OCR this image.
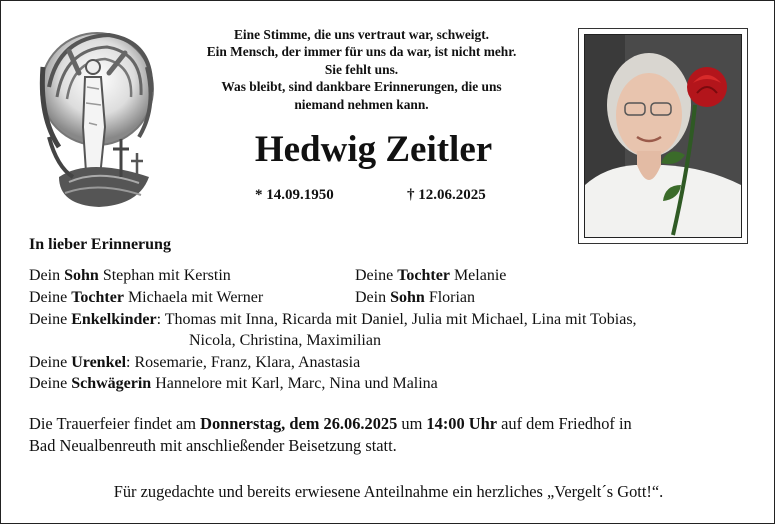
Eine Stimme, die uns vertraut war, schweigt.
Ein Mensch, der immer für uns da war, ist nicht mehr.
Sie fehlt uns.
Was bleibt, sind dankbare Erinnerungen, die uns
niemand nehmen kann.
Hedwig Zeitler
* 14.09.1950	† 12.06.2025
In lieber Erinnerung
Dein Sohn Stephan mit Kerstin	Deine Tochter Melanie
Deine Tochter Michaela mit Werner	Dein Sohn Florian
Deine Enkelkinder: Thomas mit Inna, Ricarda mit Daniel, Julia mit Michael, Lina mit Tobias,
Nicola, Christina, Maximilian
Deine Urenkel: Rosemarie, Franz, Klara, Anastasia
Deine Schwägerin Hannelore mit Karl, Marc, Nina und Malina
Die Trauerfeier findet am Donnerstag, dem 26.06.2025 um 14:00 Uhr auf dem Friedhof in
Bad Neualbenreuth mit anschließender Beisetzung statt.
Für zugedachte und bereits erwiesene Anteilnahme ein herzliches „Vergelt´s Gott!“.
